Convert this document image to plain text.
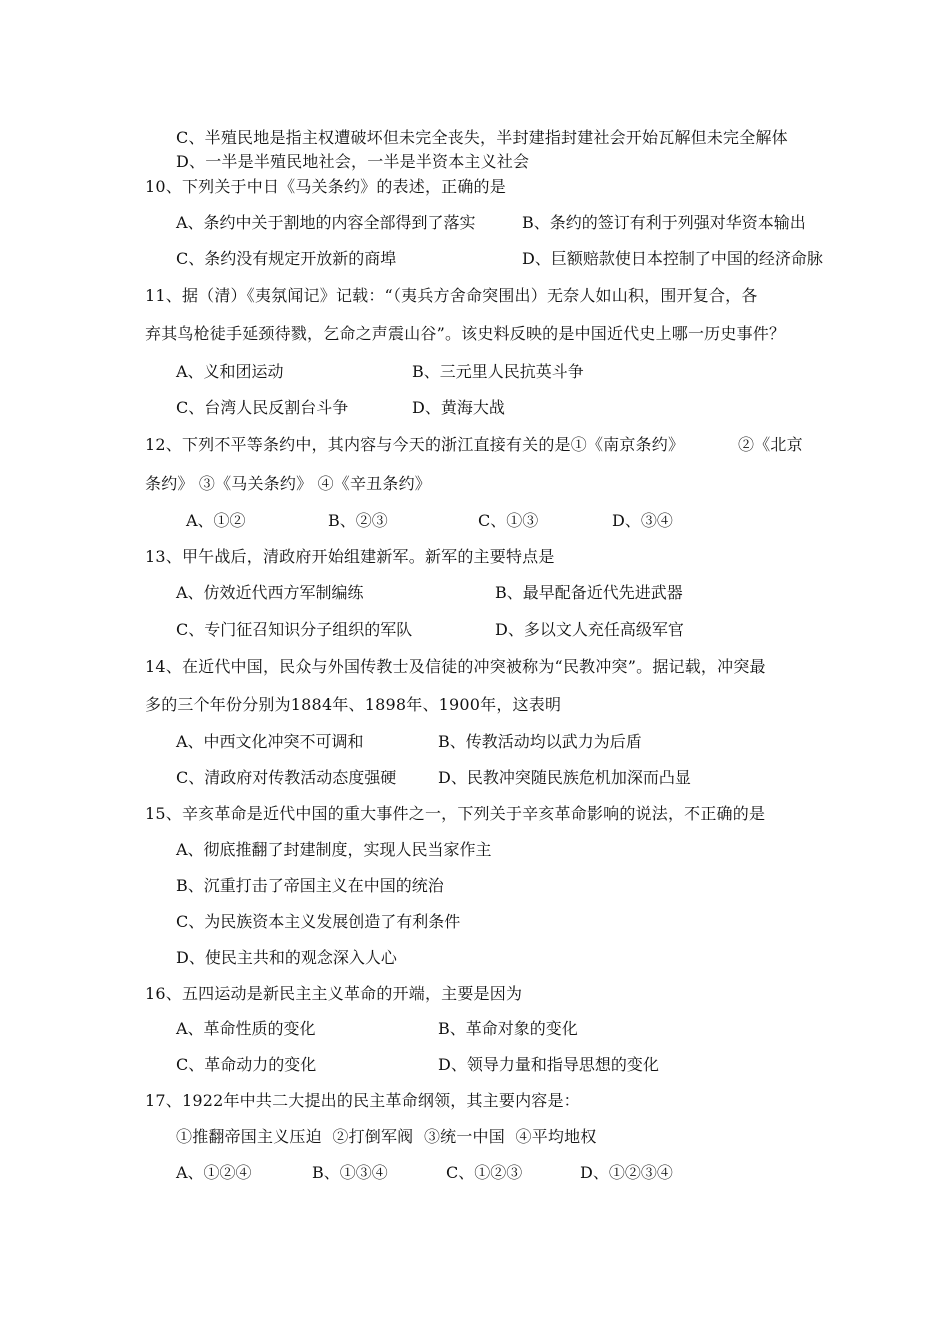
C、半殖民地是指主权遭破坏但未完全丧失，半封建指封建社会开始瓦解但未完全解体
D、一半是半殖民地社会，一半是半资本主义社会
10、下列关于中日《马关条约》的表述，正确的是
A、条约中关于割地的内容全部得到了落实	B、条约的签订有利于列强对华资本输出
C、条约没有规定开放新的商埠	D、巨额赔款使日本控制了中国的经济命脉
11、据（清）《夷氛闻记》记载：“（夷兵方舍命突围出）无奈人如山积，围开复合，各
弃其鸟枪徒手延颈待戮，乞命之声震山谷”。该史料反映的是中国近代史上哪一历史事件？
A、义和团运动	B、三元里人民抗英斗争
C、台湾人民反割台斗争	D、黄海大战
12、下列不平等条约中，其内容与今天的浙江直接有关的是①《南京条约》	②《北京
条约》 ③《马关条约》 ④《辛丑条约》
A、①②	B、②③	C、①③	D、③④
13、甲午战后，清政府开始组建新军。新军的主要特点是
A、仿效近代西方军制编练	B、最早配备近代先进武器
C、专门征召知识分子组织的军队	D、多以文人充任高级军官
14、在近代中国，民众与外国传教士及信徒的冲突被称为“民教冲突”。据记载，冲突最
多的三个年份分别为1884年、1898年、1900年，这表明
A、中西文化冲突不可调和	B、传教活动均以武力为后盾
C、清政府对传教活动态度强硬	D、民教冲突随民族危机加深而凸显
15、辛亥革命是近代中国的重大事件之一，下列关于辛亥革命影响的说法，不正确的是
A、彻底推翻了封建制度，实现人民当家作主
B、沉重打击了帝国主义在中国的统治
C、为民族资本主义发展创造了有利条件
D、使民主共和的观念深入人心
16、五四运动是新民主主义革命的开端，主要是因为
A、革命性质的变化	B、革命对象的变化
C、革命动力的变化	D、领导力量和指导思想的变化
17、1922年中共二大提出的民主革命纲领，其主要内容是：
①推翻帝国主义压迫  ②打倒军阀  ③统一中国  ④平均地权
A、①②④	B、①③④	C、①②③	D、①②③④
